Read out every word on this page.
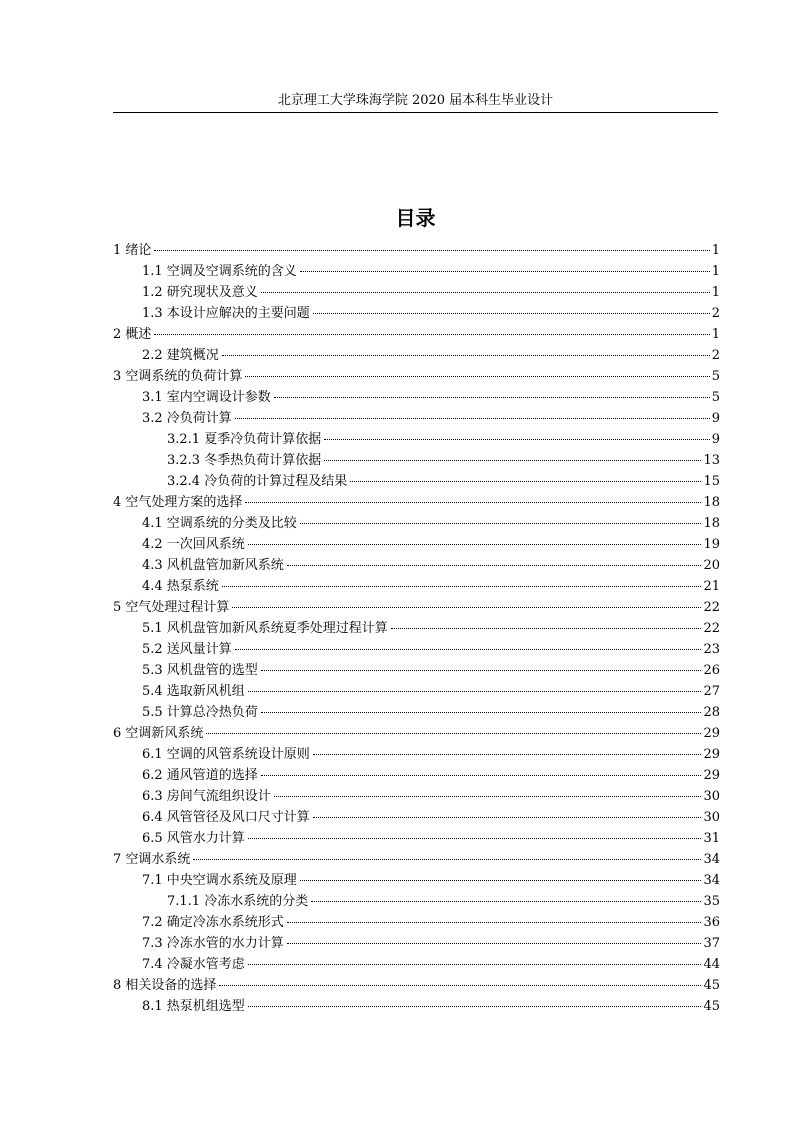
北京理工大学珠海学院 2020 届本科生毕业设计
目录
1 绪论	1
1.1 空调及空调系统的含义	1
1.2 研究现状及意义	1
1.3 本设计应解决的主要问题	2
2 概述	1
2.2 建筑概况	2
3 空调系统的负荷计算	5
3.1 室内空调设计参数	5
3.2 冷负荷计算	9
3.2.1 夏季冷负荷计算依据	9
3.2.3 冬季热负荷计算依据	13
3.2.4 冷负荷的计算过程及结果	15
4 空气处理方案的选择	18
4.1 空调系统的分类及比较	18
4.2 一次回风系统	19
4.3 风机盘管加新风系统	20
4.4 热泵系统	21
5 空气处理过程计算	22
5.1 风机盘管加新风系统夏季处理过程计算	22
5.2 送风量计算	23
5.3 风机盘管的选型	26
5.4 选取新风机组	27
5.5 计算总冷热负荷	28
6 空调新风系统	29
6.1 空调的风管系统设计原则	29
6.2 通风管道的选择	29
6.3 房间气流组织设计	30
6.4 风管管径及风口尺寸计算	30
6.5 风管水力计算	31
7 空调水系统	34
7.1 中央空调水系统及原理	34
7.1.1 冷冻水系统的分类	35
7.2 确定冷冻水系统形式	36
7.3 冷冻水管的水力计算	37
7.4 冷凝水管考虑	44
8 相关设备的选择	45
8.1 热泵机组选型	45
